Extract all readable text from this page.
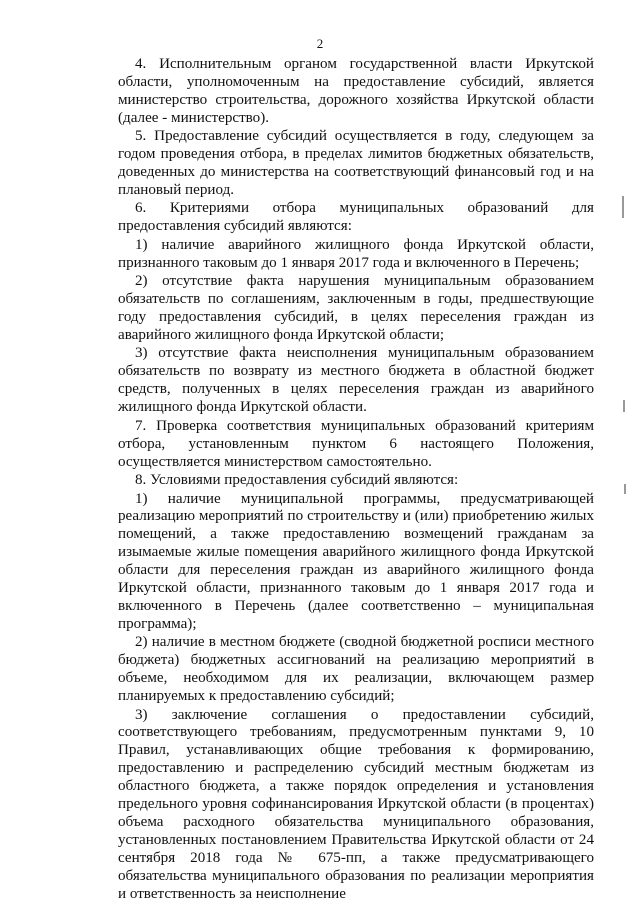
2

4. Исполнительным органом государственной власти Иркутской области, уполномоченным на предоставление субсидий, является министерство строительства, дорожного хозяйства Иркутской области (далее - министерство).

5. Предоставление субсидий осуществляется в году, следующем за годом проведения отбора, в пределах лимитов бюджетных обязательств, доведенных до министерства на соответствующий финансовый год и на плановый период.

6. Критериями отбора муниципальных образований для предоставления субсидий являются:

1) наличие аварийного жилищного фонда Иркутской области, признанного таковым до 1 января 2017 года и включенного в Перечень;

2) отсутствие факта нарушения муниципальным образованием обязательств по соглашениям, заключенным в годы, предшествующие году предоставления субсидий, в целях переселения граждан из аварийного жилищного фонда Иркутской области;

3) отсутствие факта неисполнения муниципальным образованием обязательств по возврату из местного бюджета в областной бюджет средств, полученных в целях переселения граждан из аварийного жилищного фонда Иркутской области.

7. Проверка соответствия муниципальных образований критериям отбора, установленным пунктом 6 настоящего Положения, осуществляется министерством самостоятельно.

8. Условиями предоставления субсидий являются:

1) наличие муниципальной программы, предусматривающей реализацию мероприятий по строительству и (или) приобретению жилых помещений, а также предоставлению возмещений гражданам за изымаемые жилые помещения аварийного жилищного фонда Иркутской области для переселения граждан из аварийного жилищного фонда Иркутской области, признанного таковым до 1 января 2017 года и включенного в Перечень (далее соответственно – муниципальная программа);

2) наличие в местном бюджете (сводной бюджетной росписи местного бюджета) бюджетных ассигнований на реализацию мероприятий в объеме, необходимом для их реализации, включающем размер планируемых к предоставлению субсидий;

3) заключение соглашения о предоставлении субсидий, соответствующего требованиям, предусмотренным пунктами 9, 10 Правил, устанавливающих общие требования к формированию, предоставлению и распределению субсидий местным бюджетам из областного бюджета, а также порядок определения и установления предельного уровня софинансирования Иркутской области (в процентах) объема расходного обязательства муниципального образования, установленных постановлением Правительства Иркутской области от 24 сентября 2018 года № 675-пп, а также предусматривающего обязательства муниципального образования по реализации мероприятия и ответственность за неисполнение
